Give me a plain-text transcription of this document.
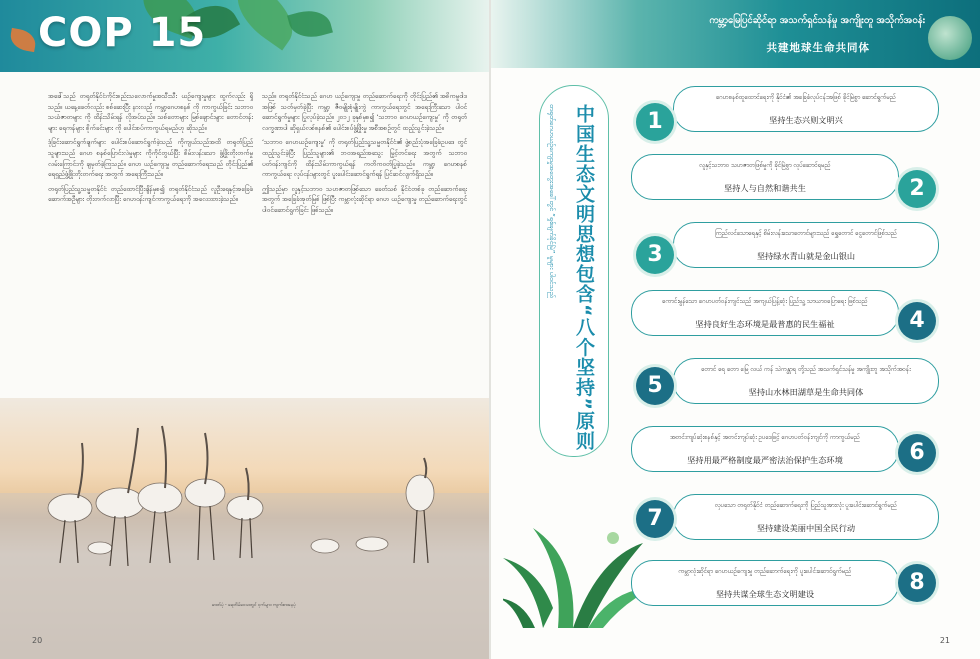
COP 15

အခေါ်သည် တရုတ်နိုင်ငံကိုင်းစည်းသလောက်မှုအသီးသီး ယဉ်ကျေးမှုများ ထွက်လည်း ရှိသည်။ ယနေ့ခေတ်လည်း စစ်ဆေးပြီး နားလည် ကမ္ဘာ့ဂေဟစနစ် ကို ကာကွယ်ခြင်း သဘာဝ သယံဇာတများ ကို ထိန်းသိမ်းရန် လိုအပ်သည်။ သစ်တောများ မြစ်ချောင်းများ တောင်တန်းများ ရေကန်များ စိုက်ခင်းများ ကို ပေါင်းစပ်ကာကွယ်ရမည်ဟု ဆိုသည်။

ဒုံခြင်းဆောင်ရွက်ချက်များ ပေါင်းစပ်ဆောင်ရွက်ခဲ့သည် ကိုကျယ်သည်အထိ တရုတ်ပြည်သူများသည် ဂေဟ စနစ်ပြောင်းလဲမှုများ ကိုကိုင်တွယ်ပြီး စိမ်းလန်းသော ဖွံ့ဖြိုးတိုးတက်မှု လမ်းကြောင်းကို ချမှတ်ခဲ့ကြသည်။ ဂေဟ ယဉ်ကျေးမှု တည်ဆောက်ရေးသည် တိုင်းပြည်၏ ရေရှည်ဖွံ့ဖြိုးတိုးတက်ရေး အတွက် အရေးကြီးသည်။

တရုတ်ပြည်သူ့သမ္မတနိုင်ငံ တည်ထောင်ပြီးချိန်မှစ၍ တရုတ်နိုင်ငံသည် လူဦးရေနှင့်အခြေခံ ဆောက်အဦများ တိုးတက်လာပြီး ဂေဟဝန်းကျင်ကာကွယ်ရေးကို အလေးထားခဲ့သည်။

သည်။ တရုတ်နိုင်ငံသည် ဂေဟ ယဉ်ကျေးမှု တည်ဆောက်ရေးကို တိုင်းပြည်၏ အဓိကမူဝါဒ အဖြစ် သတ်မှတ်ခဲ့ပြီး ကမ္ဘာ့ ဇီဝမျိုးစုံမျိုးကွဲ ကာကွယ်ရေးတွင် အရေးကြီးသော ပါဝင်ဆောင်ရွက်မှုများ ပြုလုပ်ခဲ့သည်။ ၂၀၁၂ ခုနှစ်မှစ၍ ‘သဘာဝ ဂေဟယဉ်ကျေးမှု’ ကို တရုတ်လက္ခဏာပါ ဆိုရှယ်လစ်စနစ်၏ ပေါင်းစပ်ဖွံ့ဖြိုးမှု အစီအစဉ်တွင် ထည့်သွင်းခဲ့သည်။

‘သဘာဝ ဂေဟယဉ်ကျေးမှု’ ကို တရုတ်ပြည်သူ့သမ္မတနိုင်ငံ၏ ဖွဲ့စည်းပုံအခြေခံဥပဒေ တွင် ထည့်သွင်းခဲ့ပြီး ပြည်သူများ၏ ဘဝအရည်အသွေး မြှင့်တင်ရေး အတွက် သဘာဝပတ်ဝန်းကျင်ကို ထိန်းသိမ်းကာကွယ်ရန် ကတိကဝတ်ပြုခဲ့သည်။ ကမ္ဘာ့ ဂေဟစနစ် ကာကွယ်ရေး လုပ်ငန်းများတွင် ပူးပေါင်းဆောင်ရွက်ရန် ပြင်ဆင်လျက်ရှိသည်။

ဤသည်မှာ လူနှင့်သဘာဝ သဟဇာတဖြစ်သော ခေတ်သစ် နိုင်ငံတစ်ခု တည်ဆောက်ရေး အတွက် အခြေခံအုတ်မြစ် ဖြစ်ပြီး ကမ္ဘာလုံးဆိုင်ရာ ဂေဟ ယဉ်ကျေးမှု တည်ဆောက်ရေးတွင် ပါဝင်ဆောင်ရွက်ခြင်း ဖြစ်သည်။

ဓာတ်ပုံ - ရေတိမ်ဒေသတွင် ငှက်များ ကျက်စားနေပုံ
20
ကမ္ဘာ့မြေပြင်ဆိုင်ရာ အသက်ရှင်သန်မှု အကျိုးတူ အသိုက်အဝန်း
共建地球生命共同体
中国生态文明思想包含“八个坚持”原则
တရုတ်ဂေဟယဉ်ကျေးမှုအတွေးအခေါ်တွင် “ရှစ်ချက်ခိုင်မြဲ” မူများ ပါဝင်သည်
ဂေဟစနစ်ထူထောင်ရေးကို နိုင်ငံ၏ အခြေခံလုပ်ငန်းအဖြစ် ခိုင်မြဲစွာ ဆောင်ရွက်မည်
坚持生态兴则文明兴
1
လူနှင့်သဘာဝ သဟဇာတဖြစ်မှုကို ခိုင်မြဲစွာ လုပ်ဆောင်ရမည်
坚持人与自然和谐共生	2
ကြည်လင်သောရေနှင့် စိမ်းလန်းသောတောင်များသည် ရွှေတောင် ငွေတောင်ဖြစ်သည်
坚持绿水青山就是金山银山
3
ကောင်းမွန်သော ဂေဟပတ်ဝန်းကျင်သည် အကျယ်ပြန့်ဆုံး ပြည်သူ့ သာယာဝပြောရေး ဖြစ်သည်
坚持良好生态环境是最普惠的民生福祉	4
တောင် ရေ တော မြေ လယ် ကန် သဲကန္တာရ တို့သည် အသက်ရှင်သန်မှု အကျိုးတူ အသိုက်အဝန်း
坚持山水林田湖草是生命共同体
5
အတင်းကျပ်ဆုံးစနစ်နှင့် အတင်းကျပ်ဆုံး ဥပဒေဖြင့် ဂေဟပတ်ဝန်းကျင်ကို ကာကွယ်မည်
坚持用最严格制度最严密法治保护生态环境	6
လှပသော တရုတ်နိုင်ငံ တည်ဆောက်ရေးကို ပြည်သူအားလုံး ပူးပေါင်းဆောင်ရွက်မည်
坚持建设美丽中国全民行动
7
ကမ္ဘာလုံးဆိုင်ရာ ဂေဟယဉ်ကျေးမှု တည်ဆောက်ရေးကို ပူးပေါင်းဆောင်ရွက်မည်
坚持共谋全球生态文明建设	8
21
